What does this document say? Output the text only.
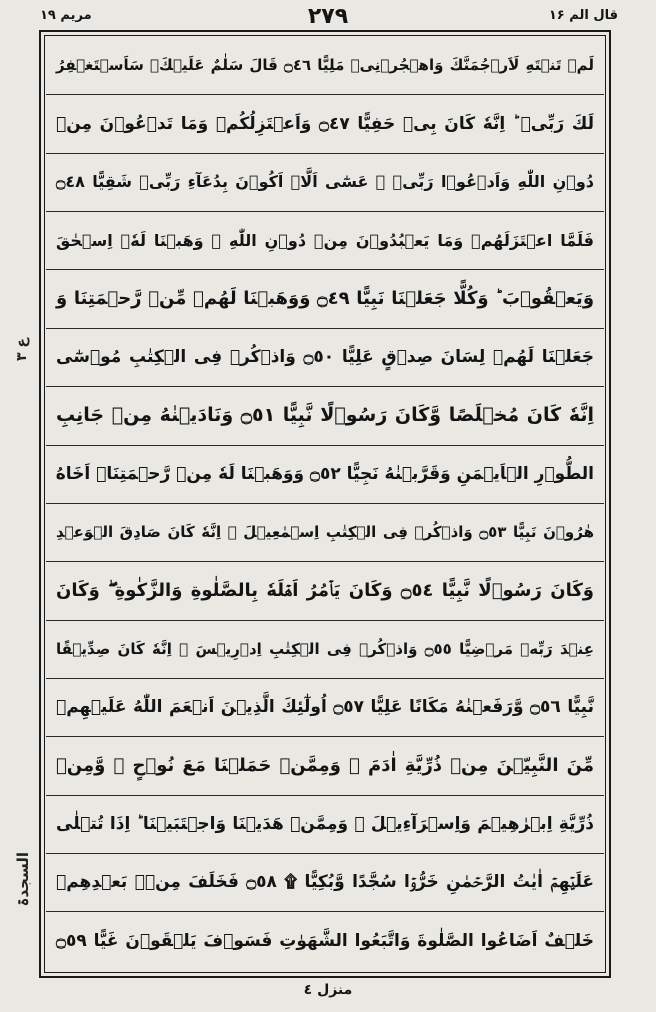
مریم ۱۹	٢٧٩	قال الم ۱۶
لَمۡ تَنۡتَهِ لَاَرۡجُمَنَّكَ وَاهۡجُرۡنِىۡ مَلِيًّا ۝٤٦ قَالَ سَلٰمٌ عَلَيۡكَۚ سَاَسۡتَغۡفِرُ
لَكَ رَبِّىۡ ؕ اِنَّهٗ كَانَ بِىۡ حَفِيًّا ۝٤٧ وَاَعۡتَزِلُكُمۡ وَمَا تَدۡعُوۡنَ مِنۡ
دُوۡنِ اللّٰهِ وَاَدۡعُوۡا رَبِّىۡ ۖ عَسٰٓى اَلَّاۤ اَكُوۡنَ بِدُعَآءِ رَبِّىۡ شَقِيًّا ۝٤٨
فَلَمَّا اعۡتَزَلَهُمۡ وَمَا يَعۡبُدُوۡنَ مِنۡ دُوۡنِ اللّٰهِ ۙ وَهَبۡنَا لَهٗۤ اِسۡحٰقَ
وَيَعۡقُوۡبَ ؕ وَكُلًّا جَعَلۡنَا نَبِيًّا ۝٤٩ وَوَهَبۡنَا لَهُمۡ مِّنۡ رَّحۡمَتِنَا وَ
جَعَلۡنَا لَهُمۡ لِسَانَ صِدۡقٍ عَلِيًّا ۝٥٠ وَاذۡكُرۡ فِى الۡكِتٰبِ مُوۡسٰٓى
اِنَّهٗ كَانَ مُخۡلَصًا وَّكَانَ رَسُوۡلًا نَّبِيًّا ۝٥١ وَنَادَيۡنٰهُ مِنۡ جَانِبِ
الطُّوۡرِ الۡاَيۡمَنِ وَقَرَّبۡنٰهُ نَجِيًّا ۝٥٢ وَوَهَبۡنَا لَهٗ مِنۡ رَّحۡمَتِنَاۤ اَخَاهُ
هٰرُوۡنَ نَبِيًّا ۝٥٣ وَاذۡكُرۡ فِى الۡكِتٰبِ اِسۡمٰعِيۡلَ ۚ اِنَّهٗ كَانَ صَادِقَ الۡوَعۡدِ
وَكَانَ رَسُوۡلًا نَّبِيًّا ۝٥٤ وَكَانَ يَاۡمُرُ اَهۡلَهٗ بِالصَّلٰوةِ وَالزَّكٰوةِ ۖ وَكَانَ
عِنۡدَ رَبِّهٖ مَرۡضِيًّا ۝٥٥ وَاذۡكُرۡ فِى الۡكِتٰبِ اِدۡرِيۡسَ ۚ اِنَّهٗ كَانَ صِدِّيۡقًا
نَّبِيًّا ۝٥٦ وَّرَفَعۡنٰهُ مَكَانًا عَلِيًّا ۝٥٧ اُولٰٓئِكَ الَّذِيۡنَ اَنۡعَمَ اللّٰهُ عَلَيۡهِمۡ
مِّنَ النَّبِيّٖنَ مِنۡ ذُرِّيَّةِ اٰدَمَ ۖ وَمِمَّنۡ حَمَلۡنَا مَعَ نُوۡحٍ ۖ وَّمِنۡ
ذُرِّيَّةِ اِبۡرٰهِيۡمَ وَاِسۡرَآءِيۡلَ ۖ وَمِمَّنۡ هَدَيۡنَا وَاجۡتَبَيۡنَا ؕ اِذَا تُتۡلٰى
عَلَيۡهِمۡ اٰيٰتُ الرَّحۡمٰنِ خَرُّوۡا سُجَّدًا وَّبُكِيًّا ۩ ۝٥٨ فَخَلَفَ مِنۡۢ بَعۡدِهِمۡ
خَلۡفٌ اَضَاعُوا الصَّلٰوةَ وَاتَّبَعُوا الشَّهَوٰتِ فَسَوۡفَ يَلۡقَوۡنَ غَيًّا ۝٥٩
ع ۳
السجدۃ
منزل ٤
